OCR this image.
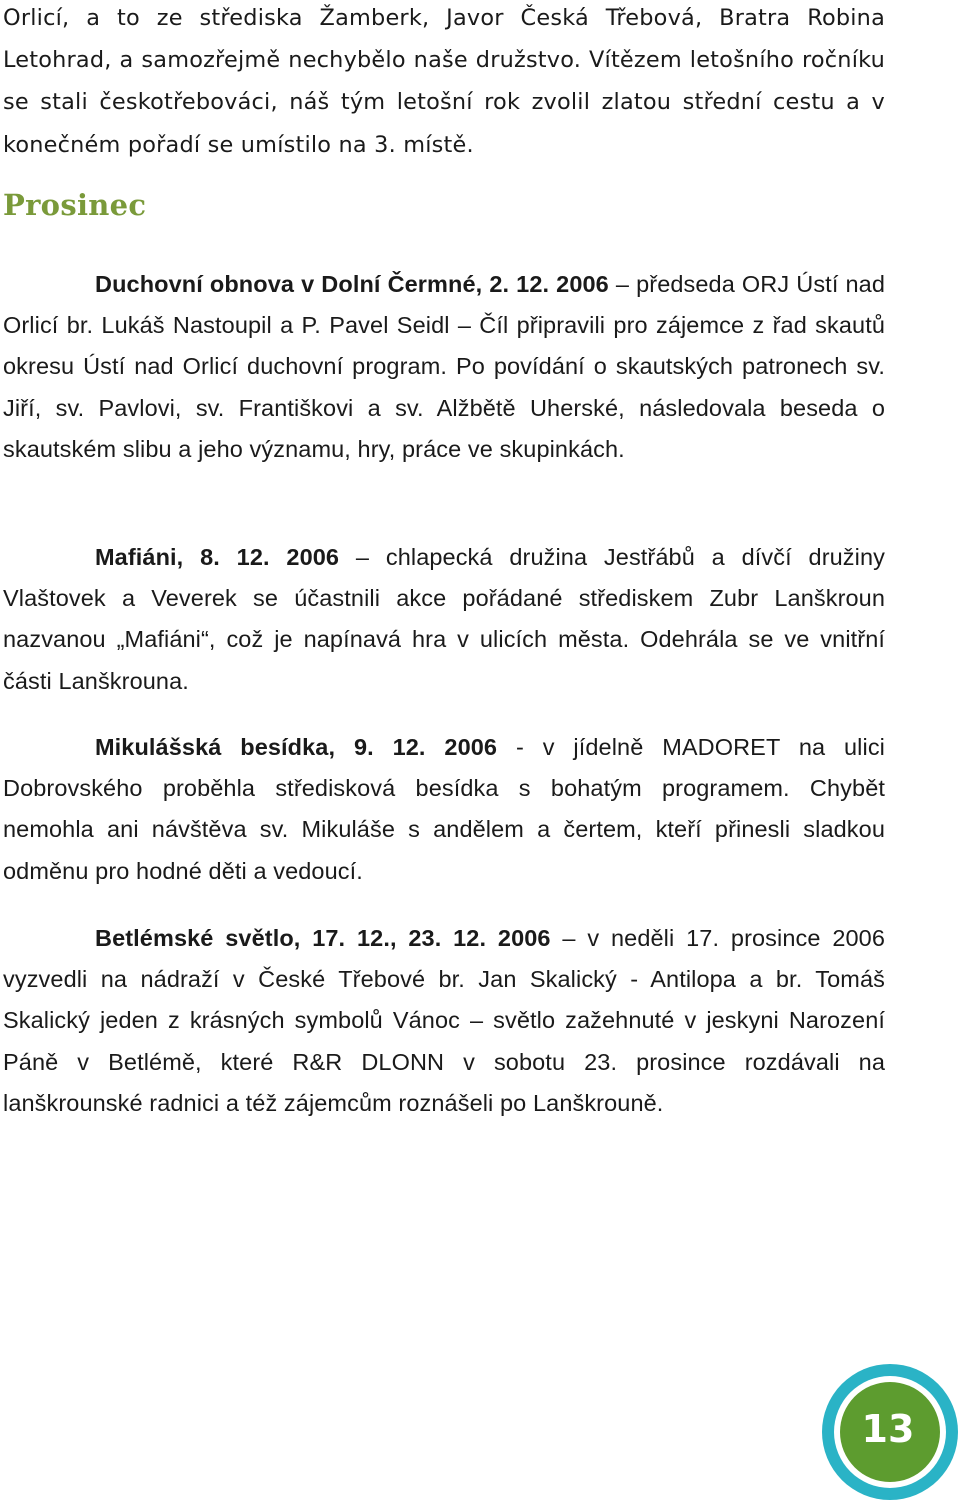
Orlicí, a to ze střediska Žamberk, Javor Česká Třebová, Bratra Robina Letohrad, a samozřejmě nechybělo naše družstvo. Vítězem letošního ročníku se stali českotřebováci, náš tým letošní rok zvolil zlatou střední cestu a v konečném pořadí se umístilo na 3. místě.

Prosinec

Duchovní obnova v Dolní Čermné, 2. 12. 2006 – předseda ORJ Ústí nad Orlicí br. Lukáš Nastoupil a P. Pavel Seidl – Číl připravili pro zájemce z řad skautů okresu Ústí nad Orlicí duchovní program. Po povídání o skautských patronech sv. Jiří, sv. Pavlovi, sv. Františkovi a sv. Alžbětě Uherské, následovala beseda o skautském slibu a jeho významu, hry, práce ve skupinkách.

Mafiáni, 8. 12. 2006 – chlapecká družina Jestřábů a dívčí družiny Vlaštovek a Veverek se účastnili akce pořádané střediskem Zubr Lanškroun nazvanou „Mafiáni“, což je napínavá hra v ulicích města. Odehrála se ve vnitřní části Lanškrouna.

Mikulášská besídka, 9. 12. 2006 - v jídelně MADORET na ulici Dobrovského proběhla středisková besídka s bohatým programem. Chybět nemohla ani návštěva sv. Mikuláše s andělem a čertem, kteří přinesli sladkou odměnu pro hodné děti a vedoucí.

Betlémské světlo, 17. 12., 23. 12. 2006 – v neděli 17. prosince 2006 vyzvedli na nádraží v České Třebové br. Jan Skalický - Antilopa a br. Tomáš Skalický jeden z krásných symbolů Vánoc – světlo zažehnuté v jeskyni Narození Páně v Betlémě, které R&R DLONN v sobotu 23. prosince rozdávali na lanškrounské radnici a též zájemcům roznášeli po Lanškrouně.

13
